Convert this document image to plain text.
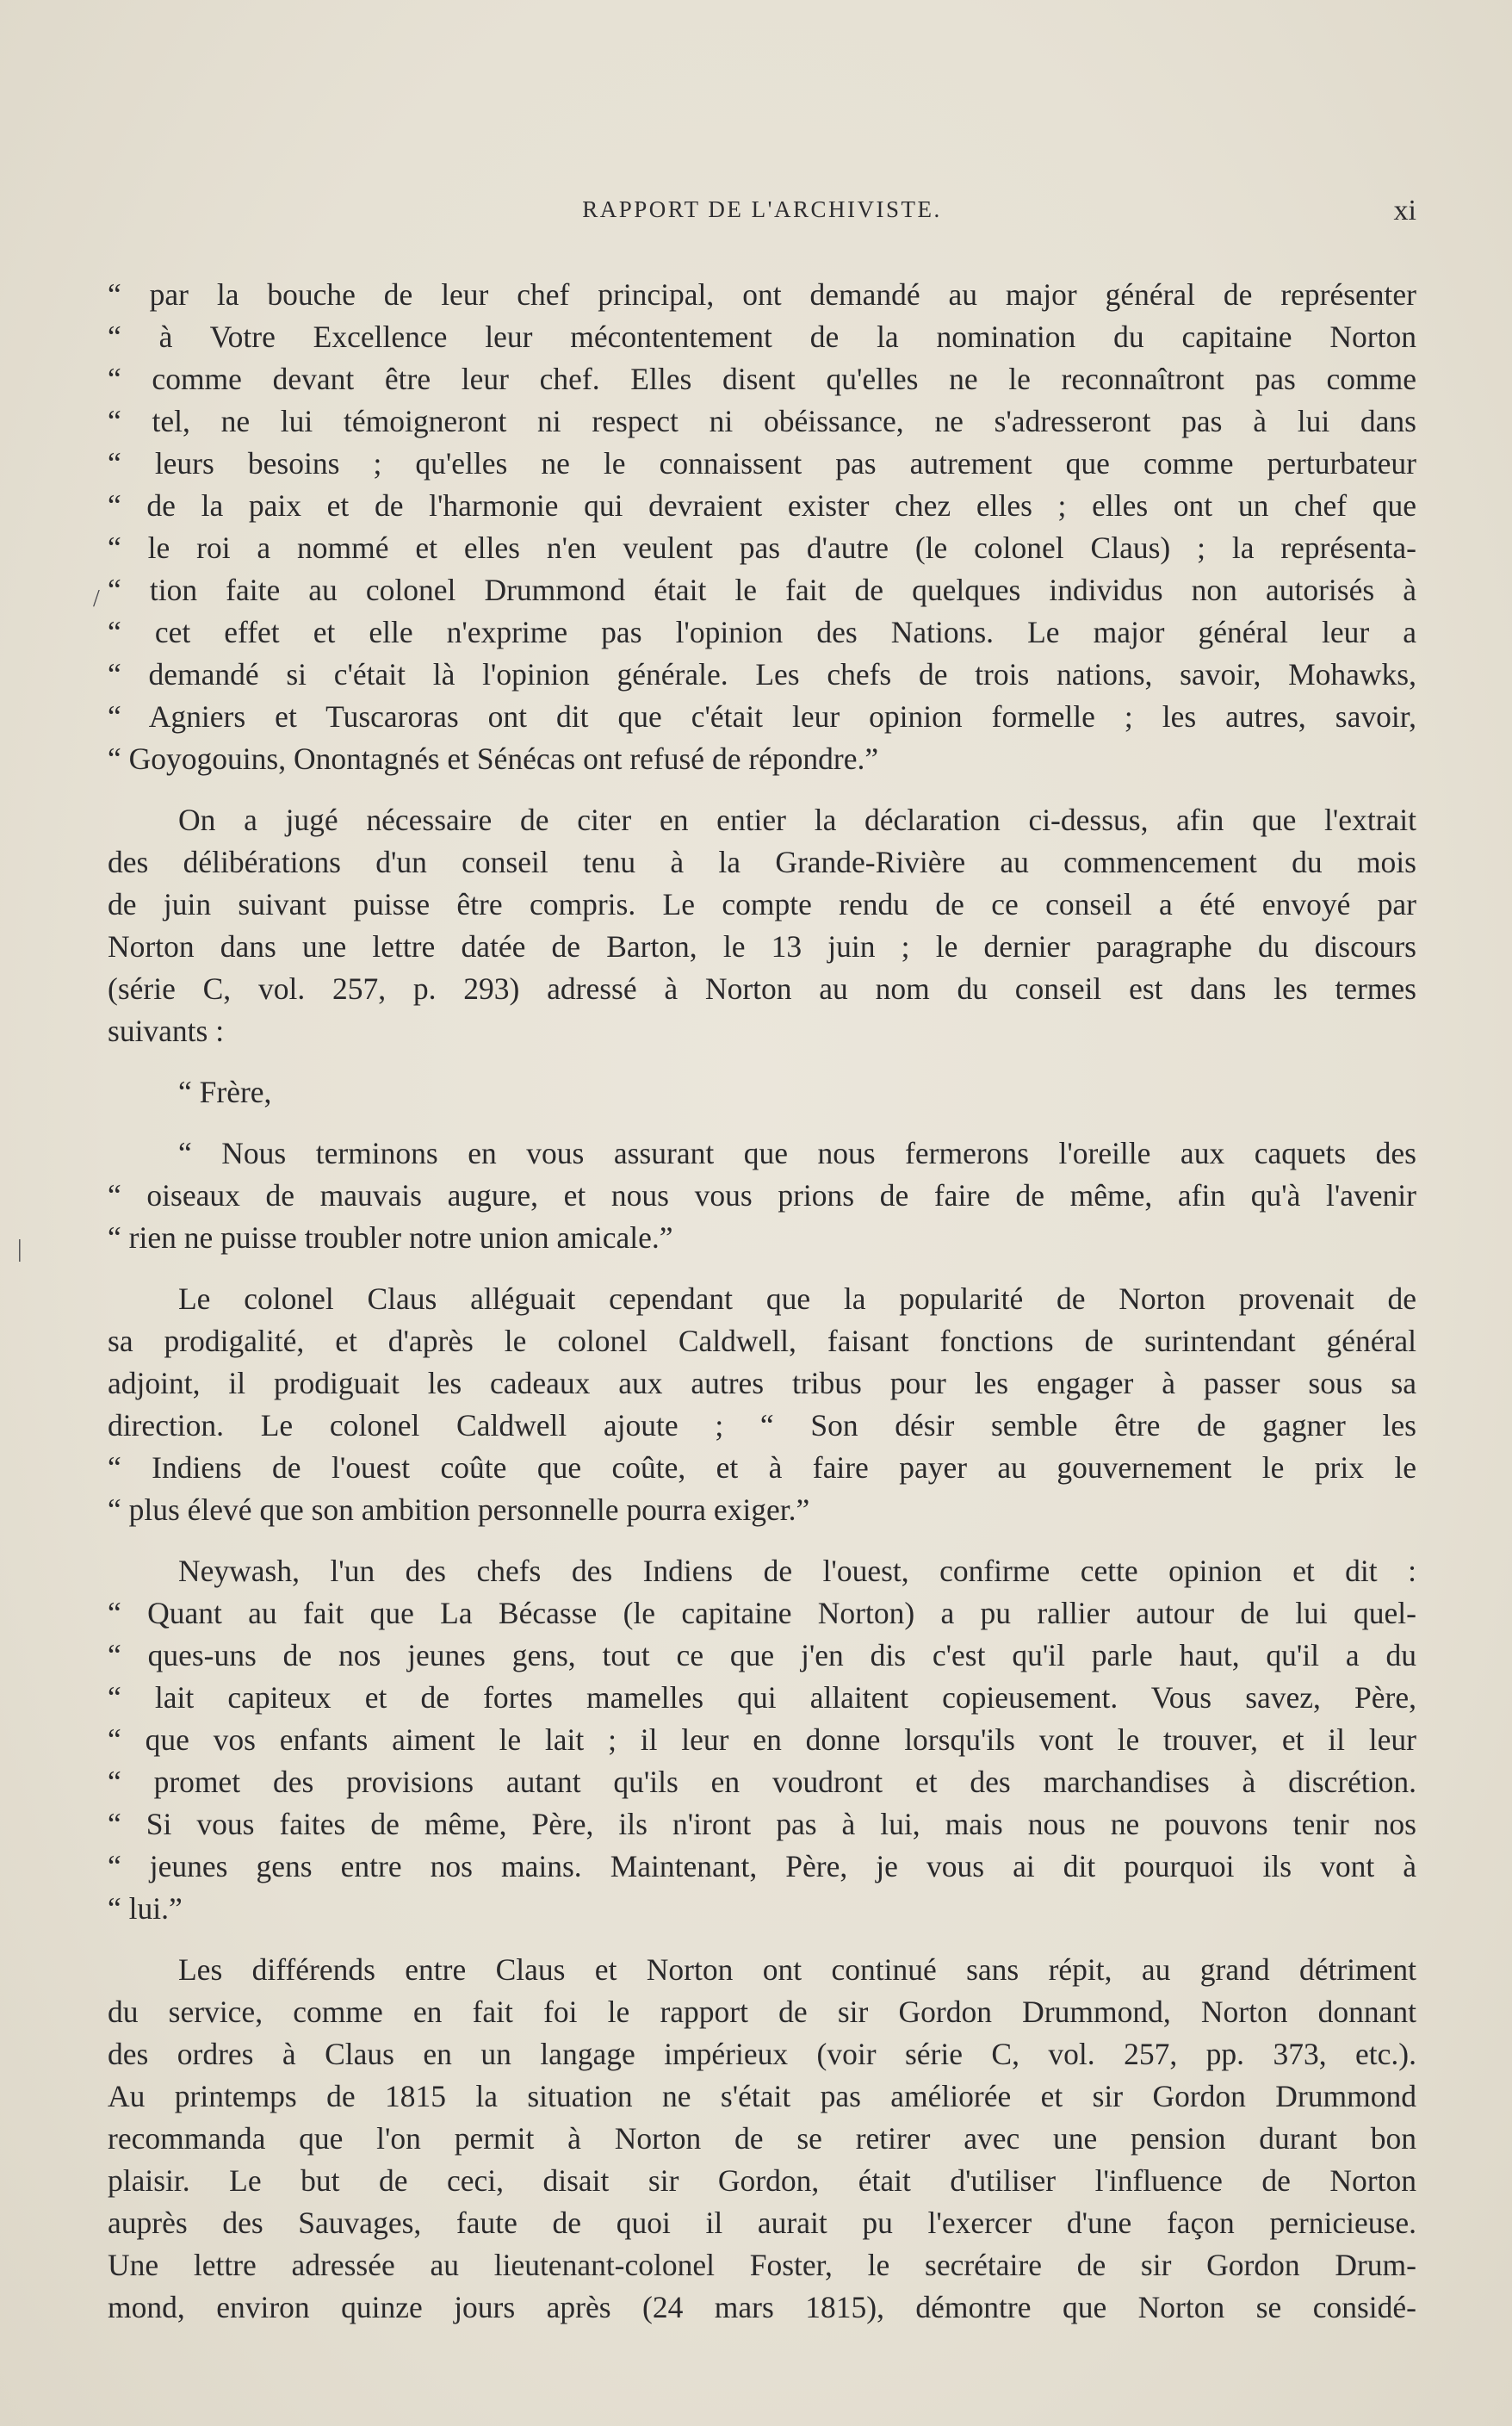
RAPPORT DE L'ARCHIVISTE.	xi
/
|
“ par la bouche de leur chef principal, ont demandé au major général de représenter
“ à Votre Excellence leur mécontentement de la nomination du capitaine Norton
“ comme devant être leur chef. Elles disent qu'elles ne le reconnaîtront pas comme
“ tel, ne lui témoigneront ni respect ni obéissance, ne s'adresseront pas à lui dans
“ leurs besoins ; qu'elles ne le connaissent pas autrement que comme perturbateur
“ de la paix et de l'harmonie qui devraient exister chez elles ; elles ont un chef que
“ le roi a nommé et elles n'en veulent pas d'autre (le colonel Claus) ; la représenta-
“ tion faite au colonel Drummond était le fait de quelques individus non autorisés à
“ cet effet et elle n'exprime pas l'opinion des Nations. Le major général leur a
“ demandé si c'était là l'opinion générale. Les chefs de trois nations, savoir, Mohawks,
“ Agniers et Tuscaroras ont dit que c'était leur opinion formelle ; les autres, savoir,
“ Goyogouins, Onontagnés et Sénécas ont refusé de répondre.”
On a jugé nécessaire de citer en entier la déclaration ci-dessus, afin que l'extrait
des délibérations d'un conseil tenu à la Grande-Rivière au commencement du mois
de juin suivant puisse être compris. Le compte rendu de ce conseil a été envoyé par
Norton dans une lettre datée de Barton, le 13 juin ; le dernier paragraphe du discours
(série C, vol. 257, p. 293) adressé à Norton au nom du conseil est dans les termes
suivants :
“ Frère,
“ Nous terminons en vous assurant que nous fermerons l'oreille aux caquets des
“ oiseaux de mauvais augure, et nous vous prions de faire de même, afin qu'à l'avenir
“ rien ne puisse troubler notre union amicale.”
Le colonel Claus alléguait cependant que la popularité de Norton provenait de
sa prodigalité, et d'après le colonel Caldwell, faisant fonctions de surintendant général
adjoint, il prodiguait les cadeaux aux autres tribus pour les engager à passer sous sa
direction. Le colonel Caldwell ajoute ; “ Son désir semble être de gagner les
“ Indiens de l'ouest coûte que coûte, et à faire payer au gouvernement le prix le
“ plus élevé que son ambition personnelle pourra exiger.”
Neywash, l'un des chefs des Indiens de l'ouest, confirme cette opinion et dit :
“ Quant au fait que La Bécasse (le capitaine Norton) a pu rallier autour de lui quel-
“ ques-uns de nos jeunes gens, tout ce que j'en dis c'est qu'il parle haut, qu'il a du
“ lait capiteux et de fortes mamelles qui allaitent copieusement. Vous savez, Père,
“ que vos enfants aiment le lait ; il leur en donne lorsqu'ils vont le trouver, et il leur
“ promet des provisions autant qu'ils en voudront et des marchandises à discrétion.
“ Si vous faites de même, Père, ils n'iront pas à lui, mais nous ne pouvons tenir nos
“ jeunes gens entre nos mains. Maintenant, Père, je vous ai dit pourquoi ils vont à
“ lui.”
Les différends entre Claus et Norton ont continué sans répit, au grand détriment
du service, comme en fait foi le rapport de sir Gordon Drummond, Norton donnant
des ordres à Claus en un langage impérieux (voir série C, vol. 257, pp. 373, etc.).
Au printemps de 1815 la situation ne s'était pas améliorée et sir Gordon Drummond
recommanda que l'on permit à Norton de se retirer avec une pension durant bon
plaisir. Le but de ceci, disait sir Gordon, était d'utiliser l'influence de Norton
auprès des Sauvages, faute de quoi il aurait pu l'exercer d'une façon pernicieuse.
Une lettre adressée au lieutenant-colonel Foster, le secrétaire de sir Gordon Drum-
mond, environ quinze jours après (24 mars 1815), démontre que Norton se considé-
